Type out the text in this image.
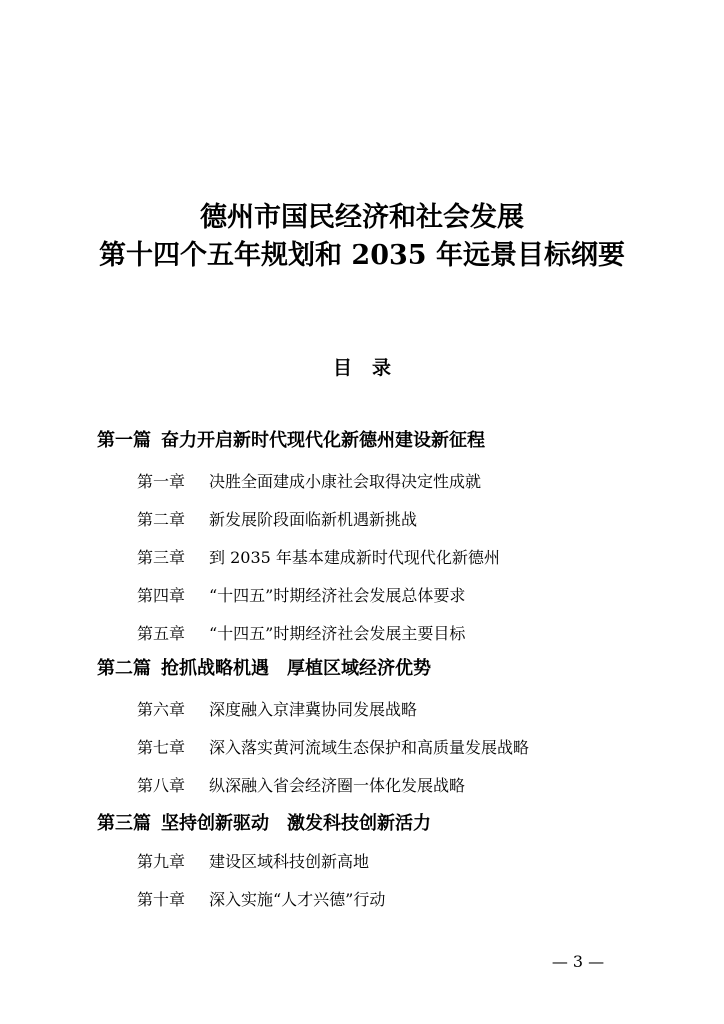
德州市国民经济和社会发展
第十四个五年规划和 2035 年远景目标纲要
目 录
第一篇 奋力开启新时代现代化新德州建设新征程
第一章 决胜全面建成小康社会取得决定性成就
第二章 新发展阶段面临新机遇新挑战
第三章 到 2035 年基本建成新时代现代化新德州
第四章 “十四五”时期经济社会发展总体要求
第五章 “十四五”时期经济社会发展主要目标
第二篇 抢抓战略机遇　厚植区域经济优势
第六章 深度融入京津冀协同发展战略
第七章 深入落实黄河流域生态保护和高质量发展战略
第八章 纵深融入省会经济圈一体化发展战略
第三篇 坚持创新驱动　激发科技创新活力
第九章 建设区域科技创新高地
第十章 深入实施“人才兴德”行动
— 3 —
